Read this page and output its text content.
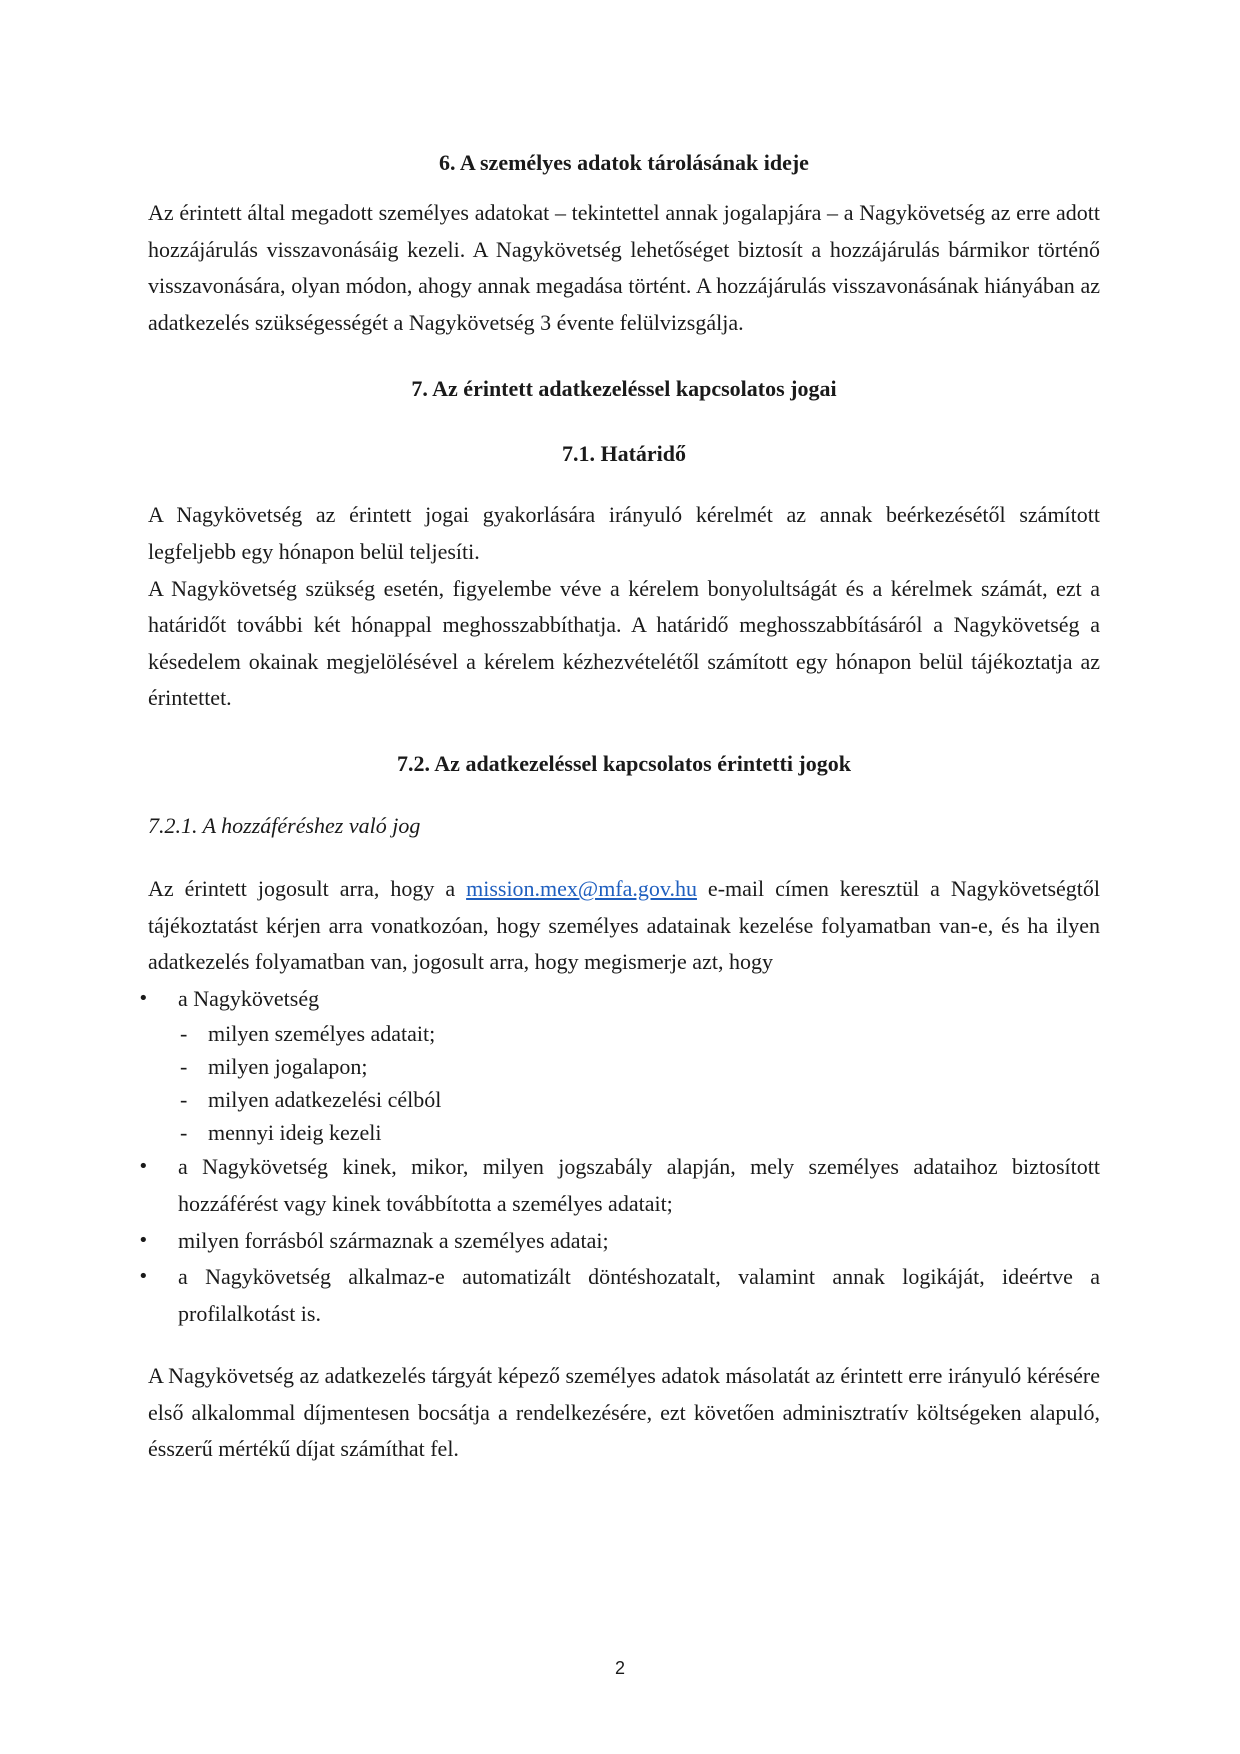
6. A személyes adatok tárolásának ideje

Az érintett által megadott személyes adatokat – tekintettel annak jogalapjára – a Nagykövetség az erre adott hozzájárulás visszavonásáig kezeli. A Nagykövetség lehetőséget biztosít a hozzájárulás bármikor történő visszavonására, olyan módon, ahogy annak megadása történt. A hozzájárulás visszavonásának hiányában az adatkezelés szükségességét a Nagykövetség 3 évente felülvizsgálja.

7. Az érintett adatkezeléssel kapcsolatos jogai
7.1. Határidő

A Nagykövetség az érintett jogai gyakorlására irányuló kérelmét az annak beérkezésétől számított legfeljebb egy hónapon belül teljesíti.

A Nagykövetség szükség esetén, figyelembe véve a kérelem bonyolultságát és a kérelmek számát, ezt a határidőt további két hónappal meghosszabbíthatja. A határidő meghosszabbításáról a Nagykövetség a késedelem okainak megjelölésével a kérelem kézhezvételétől számított egy hónapon belül tájékoztatja az érintettet.

7.2. Az adatkezeléssel kapcsolatos érintetti jogok

7.2.1. A hozzáféréshez való jog

Az érintett jogosult arra, hogy a mission.mex@mfa.gov.hu e-mail címen keresztül a Nagykövetségtől tájékoztatást kérjen arra vonatkozóan, hogy személyes adatainak kezelése folyamatban van-e, és ha ilyen adatkezelés folyamatban van, jogosult arra, hogy megismerje azt, hogy

• a Nagykövetség
- milyen személyes adatait;
- milyen jogalapon;
- milyen adatkezelési célból
- mennyi ideig kezeli
• a Nagykövetség kinek, mikor, milyen jogszabály alapján, mely személyes adataihoz biztosított hozzáférést vagy kinek továbbította a személyes adatait;
• milyen forrásból származnak a személyes adatai;
• a Nagykövetség alkalmaz-e automatizált döntéshozatalt, valamint annak logikáját, ideértve a profilalkotást is.

A Nagykövetség az adatkezelés tárgyát képező személyes adatok másolatát az érintett erre irányuló kérésére első alkalommal díjmentesen bocsátja a rendelkezésére, ezt követően adminisztratív költségeken alapuló, ésszerű mértékű díjat számíthat fel.

2
